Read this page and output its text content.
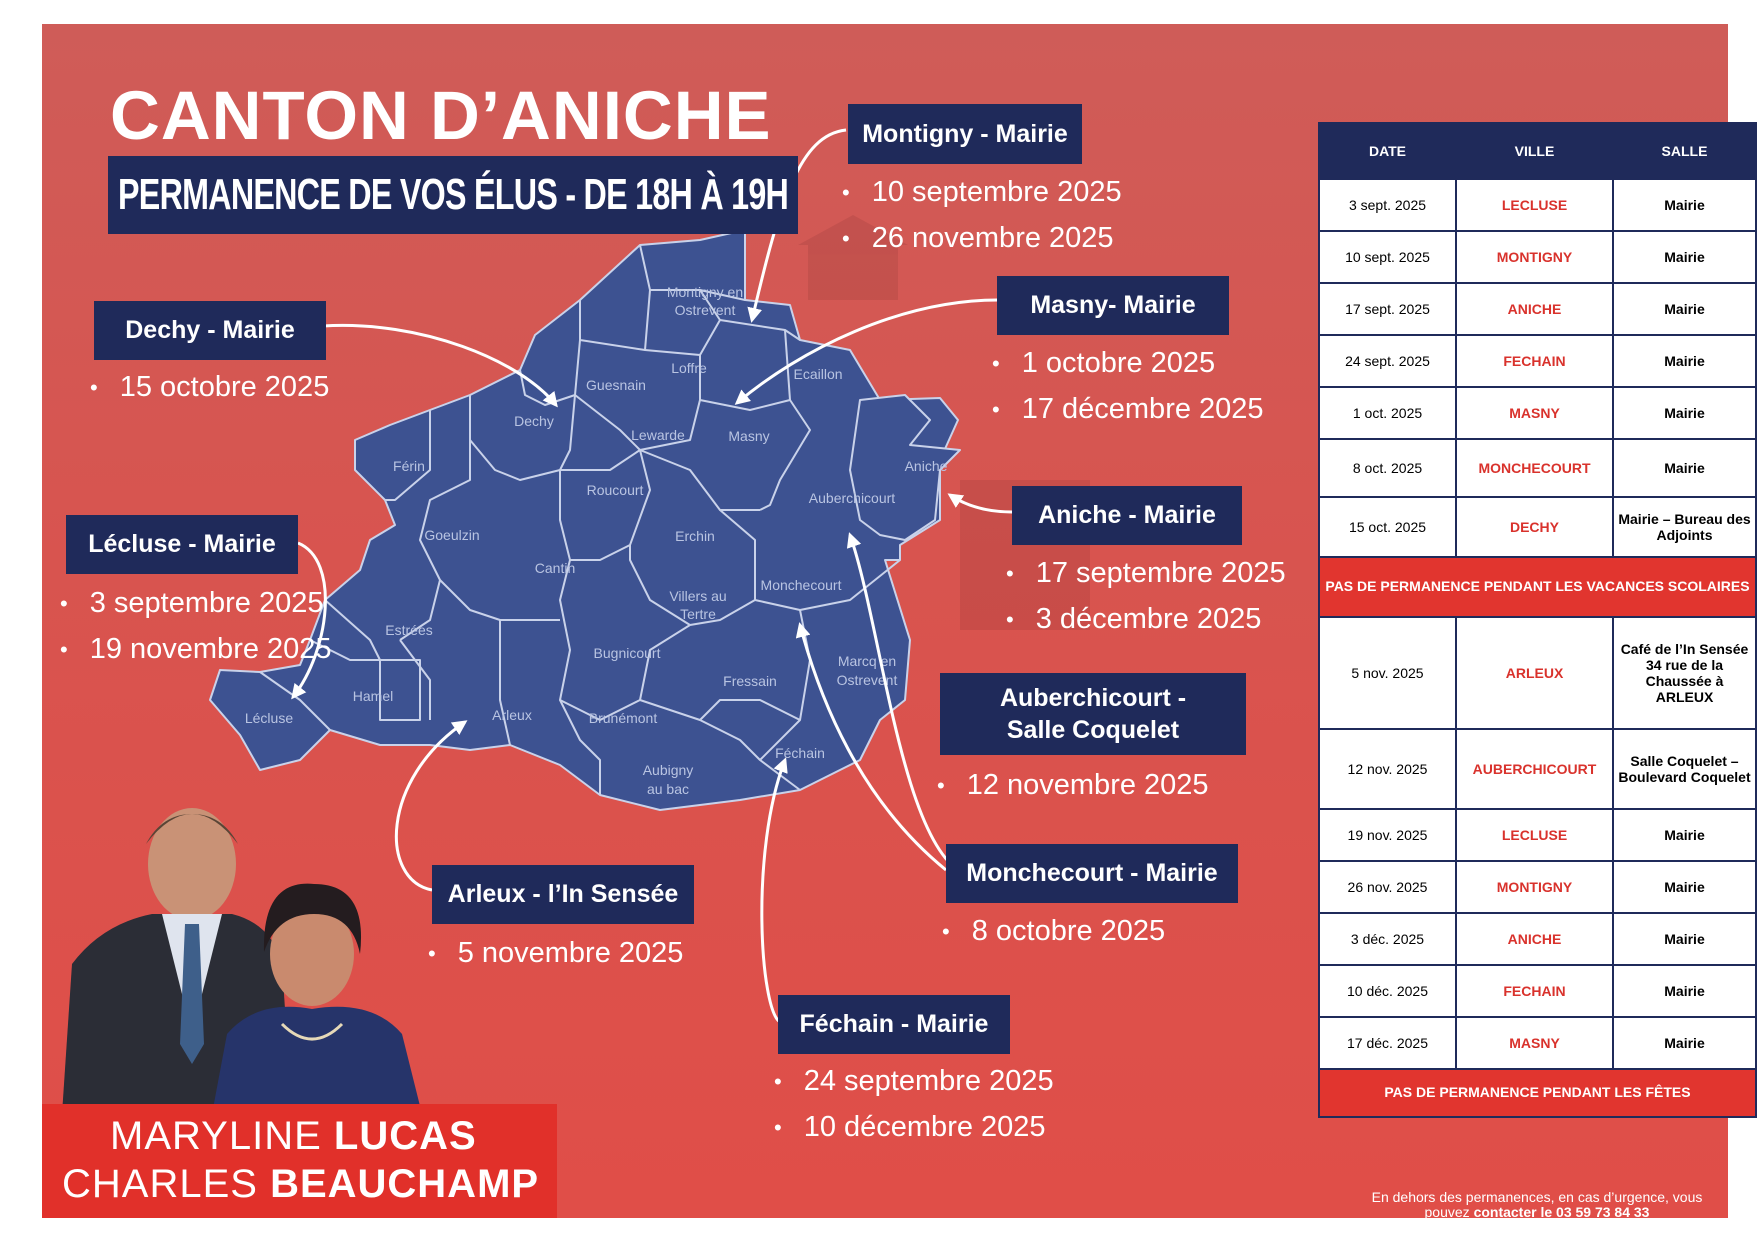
Montigny en
Ostrevent
Loffre
Guesnain
Dechy
Ecaillon
Lewarde	Masny
Aniche
Férin
Roucourt	Auberchicourt
Goeulzin	Erchin
Cantin
Villers au
Tertre
Monchecourt
Estrées
Bugnicourt	Marcq en
Ostrevent
Fressain
Hamel
Lécluse	Arleux	Brunémont
Féchain
Aubigny
au bac
CANTON D’ANICHE
PERMANENCE DE VOS ÉLUS - DE 18H À 19H
Montigny - Mairie
• 10 septembre 2025
• 26 novembre 2025
Dechy - Mairie
• 15 octobre 2025
Masny- Mairie
• 1 octobre 2025
• 17 décembre 2025
Aniche - Mairie
• 17 septembre 2025
• 3 décembre 2025
Lécluse - Mairie
• 3 septembre 2025
• 19 novembre 2025
Auberchicourt -
Salle Coquelet
• 12 novembre 2025
Arleux - l’In Sensée
• 5 novembre 2025
Monchecourt - Mairie
• 8 octobre 2025
Féchain - Mairie
• 24 septembre 2025
• 10 décembre 2025
DATE	VILLE	SALLE
3 sept. 2025	LECLUSE	Mairie
10 sept. 2025	MONTIGNY	Mairie
17 sept. 2025	ANICHE	Mairie
24 sept. 2025	FECHAIN	Mairie
1 oct. 2025	MASNY	Mairie
8 oct. 2025	MONCHECOURT	Mairie
15 oct. 2025	DECHY	Mairie – Bureau des Adjoints
PAS DE PERMANENCE PENDANT LES VACANCES SCOLAIRES		
5 nov. 2025	ARLEUX	Café de l’In Sensée 34 rue de la Chaussée à ARLEUX
12 nov. 2025	AUBERCHICOURT	Salle Coquelet – Boulevard Coquelet
19 nov. 2025	LECLUSE	Mairie
26 nov. 2025	MONTIGNY	Mairie
3 déc. 2025	ANICHE	Mairie
10 déc. 2025	FECHAIN	Mairie
17 déc. 2025	MASNY	Mairie
PAS DE PERMANENCE PENDANT LES FÊTES		
En dehors des permanences, en cas d’urgence, vous
pouvez contacter le 03 59 73 84 33
ou envoyer un mail à charles.beauchamp@lenord.fr
MARYLINE LUCAS
CHARLES BEAUCHAMP
